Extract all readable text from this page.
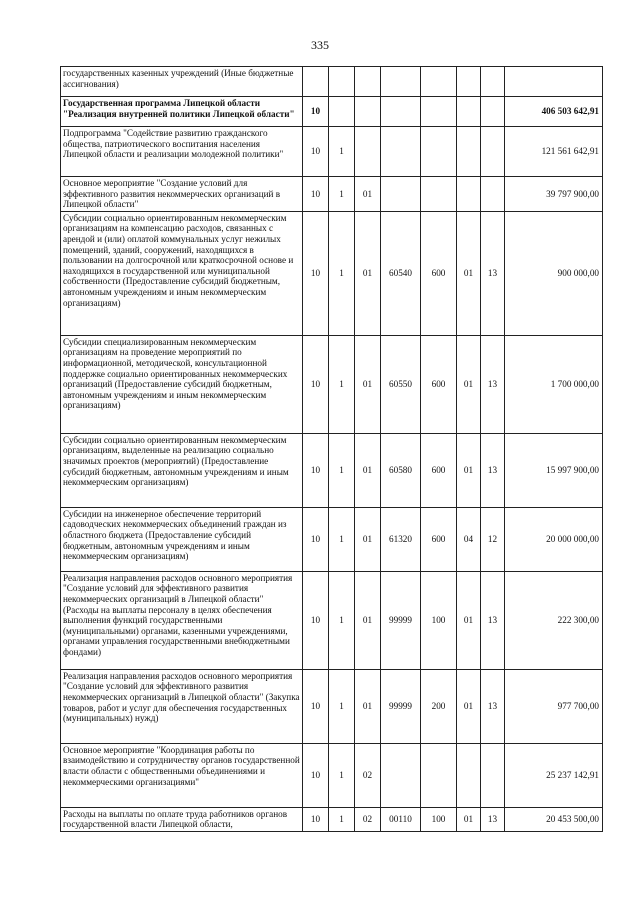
335
государственных казенных учреждений (Иные бюджетные ассигнования)								
Государственная программа Липецкой области "Реализация внутренней политики Липецкой области"	10							406 503 642,91
Подпрограмма "Содействие развитию гражданского общества, патриотического воспитания населения Липецкой области и реализации молодежной политики"	10	1						121 561 642,91
Основное мероприятие "Создание условий для эффективного развития некоммерческих организаций в Липецкой области"	10	1	01					39 797 900,00
Субсидии социально ориентированным некоммерческим организациям на компенсацию расходов, связанных с арендой и (или) оплатой коммунальных услуг нежилых помещений, зданий, сооружений, находящихся в пользовании на долгосрочной или краткосрочной основе и находящихся в государственной или муниципальной собственности (Предоставление субсидий бюджетным, автономным учреждениям и иным некоммерческим организациям)	10	1	01	60540	600	01	13	900 000,00
Субсидии специализированным некоммерческим организациям на проведение мероприятий по информационной, методической, консультационной поддержке социально ориентированных некоммерческих организаций (Предоставление субсидий бюджетным, автономным учреждениям и иным некоммерческим организациям)	10	1	01	60550	600	01	13	1 700 000,00
Субсидии социально ориентированным некоммерческим организациям, выделенные на реализацию социально значимых проектов (мероприятий) (Предоставление субсидий бюджетным, автономным учреждениям и иным некоммерческим организациям)	10	1	01	60580	600	01	13	15 997 900,00
Субсидии на инженерное обеспечение территорий садоводческих некоммерческих объединений граждан из областного бюджета (Предоставление субсидий бюджетным, автономным учреждениям и иным некоммерческим организациям)	10	1	01	61320	600	04	12	20 000 000,00
Реализация направления расходов основного мероприятия "Создание условий для эффективного развития некоммерческих организаций в Липецкой области" (Расходы на выплаты персоналу в целях обеспечения выполнения функций государственными (муниципальными) органами, казенными учреждениями, органами управления государственными внебюджетными фондами)	10	1	01	99999	100	01	13	222 300,00
Реализация направления расходов основного мероприятия "Создание условий для эффективного развития некоммерческих организаций в Липецкой области" (Закупка товаров, работ и услуг для обеспечения государственных (муниципальных) нужд)	10	1	01	99999	200	01	13	977 700,00
Основное мероприятие "Координация работы по взаимодействию и сотрудничеству органов государственной власти области с общественными объединениями и некоммерческими организациями"	10	1	02					25 237 142,91
Расходы на выплаты по оплате труда работников органов государственной власти Липецкой области,	10	1	02	00110	100	01	13	20 453 500,00
